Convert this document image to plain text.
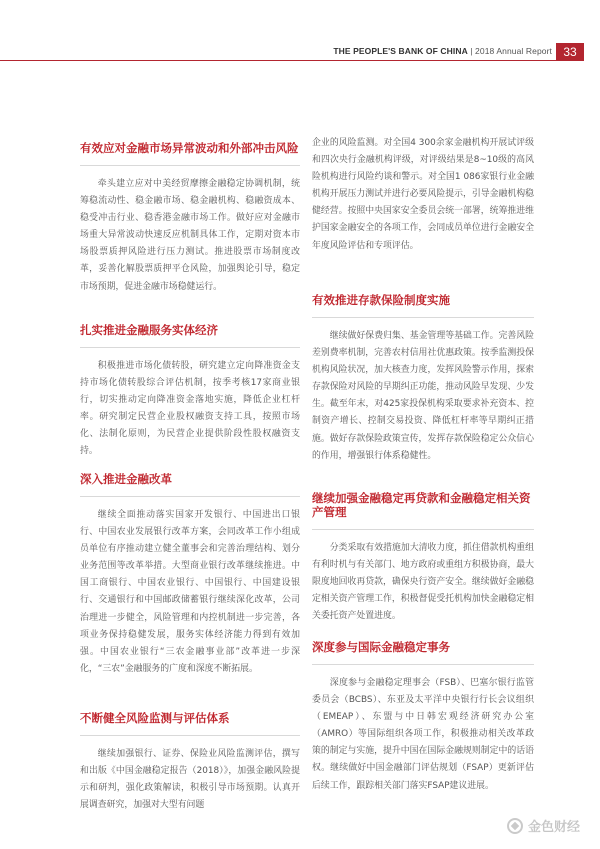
THE PEOPLE'S BANK OF CHINA | 2018 Annual Report 33
有效应对金融市场异常波动和外部冲击风险

牵头建立应对中美经贸摩擦金融稳定协调机制，统筹稳流动性、稳金融市场、稳金融机构、稳融资成本、稳受冲击行业、稳香港金融市场工作。做好应对金融市场重大异常波动快速反应机制具体工作，定期对资本市场股票质押风险进行压力测试。推进股票市场制度改革，妥善化解股票质押平仓风险，加强舆论引导，稳定市场预期，促进金融市场稳健运行。

扎实推进金融服务实体经济

积极推进市场化债转股，研究建立定向降准资金支持市场化债转股综合评估机制，按季考核17家商业银行，切实推动定向降准资金落地实施，降低企业杠杆率。研究制定民营企业股权融资支持工具，按照市场化、法制化原则，为民营企业提供阶段性股权融资支持。

深入推进金融改革

继续全面推动落实国家开发银行、中国进出口银行、中国农业发展银行改革方案，会同改革工作小组成员单位有序推动建立健全董事会和完善治理结构、划分业务范围等改革举措。大型商业银行改革继续推进。中国工商银行、中国农业银行、中国银行、中国建设银行、交通银行和中国邮政储蓄银行继续深化改革，公司治理进一步健全，风险管理和内控机制进一步完善，各项业务保持稳健发展，服务实体经济能力得到有效加强。中国农业银行“三农金融事业部”改革进一步深化，“三农”金融服务的广度和深度不断拓展。

不断健全风险监测与评估体系

继续加强银行、证券、保险业风险监测评估，撰写和出版《中国金融稳定报告（2018）》，加强金融风险提示和研判，强化政策解读，积极引导市场预期。认真开展调查研究，加强对大型有问题

企业的风险监测。对全国4 300余家金融机构开展试评级和四次央行金融机构评级，对评级结果是8~10级的高风险机构进行风险约谈和警示。对全国1 086家银行业金融机构开展压力测试并进行必要风险提示，引导金融机构稳健经营。按照中央国家安全委员会统一部署，统筹推进维护国家金融安全的各项工作，会同成员单位进行金融安全年度风险评估和专项评估。

有效推进存款保险制度实施

继续做好保费归集、基金管理等基础工作。完善风险差别费率机制，完善农村信用社优惠政策。按季监测投保机构风险状况，加大核查力度，发挥风险警示作用，探索存款保险对风险的早期纠正功能，推动风险早发现、少发生。截至年末，对425家投保机构采取要求补充资本、控制资产增长、控制交易投资、降低杠杆率等早期纠正措施。做好存款保险政策宣传，发挥存款保险稳定公众信心的作用，增强银行体系稳健性。

继续加强金融稳定再贷款和金融稳定相关资产管理

分类采取有效措施加大清收力度，抓住借款机构重组有利时机与有关部门、地方政府或重组方积极协商，最大限度地回收再贷款，确保央行资产安全。继续做好金融稳定相关资产管理工作，积极督促受托机构加快金融稳定相关委托资产处置进度。

深度参与国际金融稳定事务

深度参与金融稳定理事会（FSB）、巴塞尔银行监管委员会（BCBS）、东亚及太平洋中央银行行长会议组织（EMEAP）、东盟与中日韩宏观经济研究办公室（AMRO）等国际组织各项工作，积极推动相关改革政策的制定与实施，提升中国在国际金融规则制定中的话语权。继续做好中国金融部门评估规划（FSAP）更新评估后续工作，跟踪相关部门落实FSAP建议进展。

金色财经
